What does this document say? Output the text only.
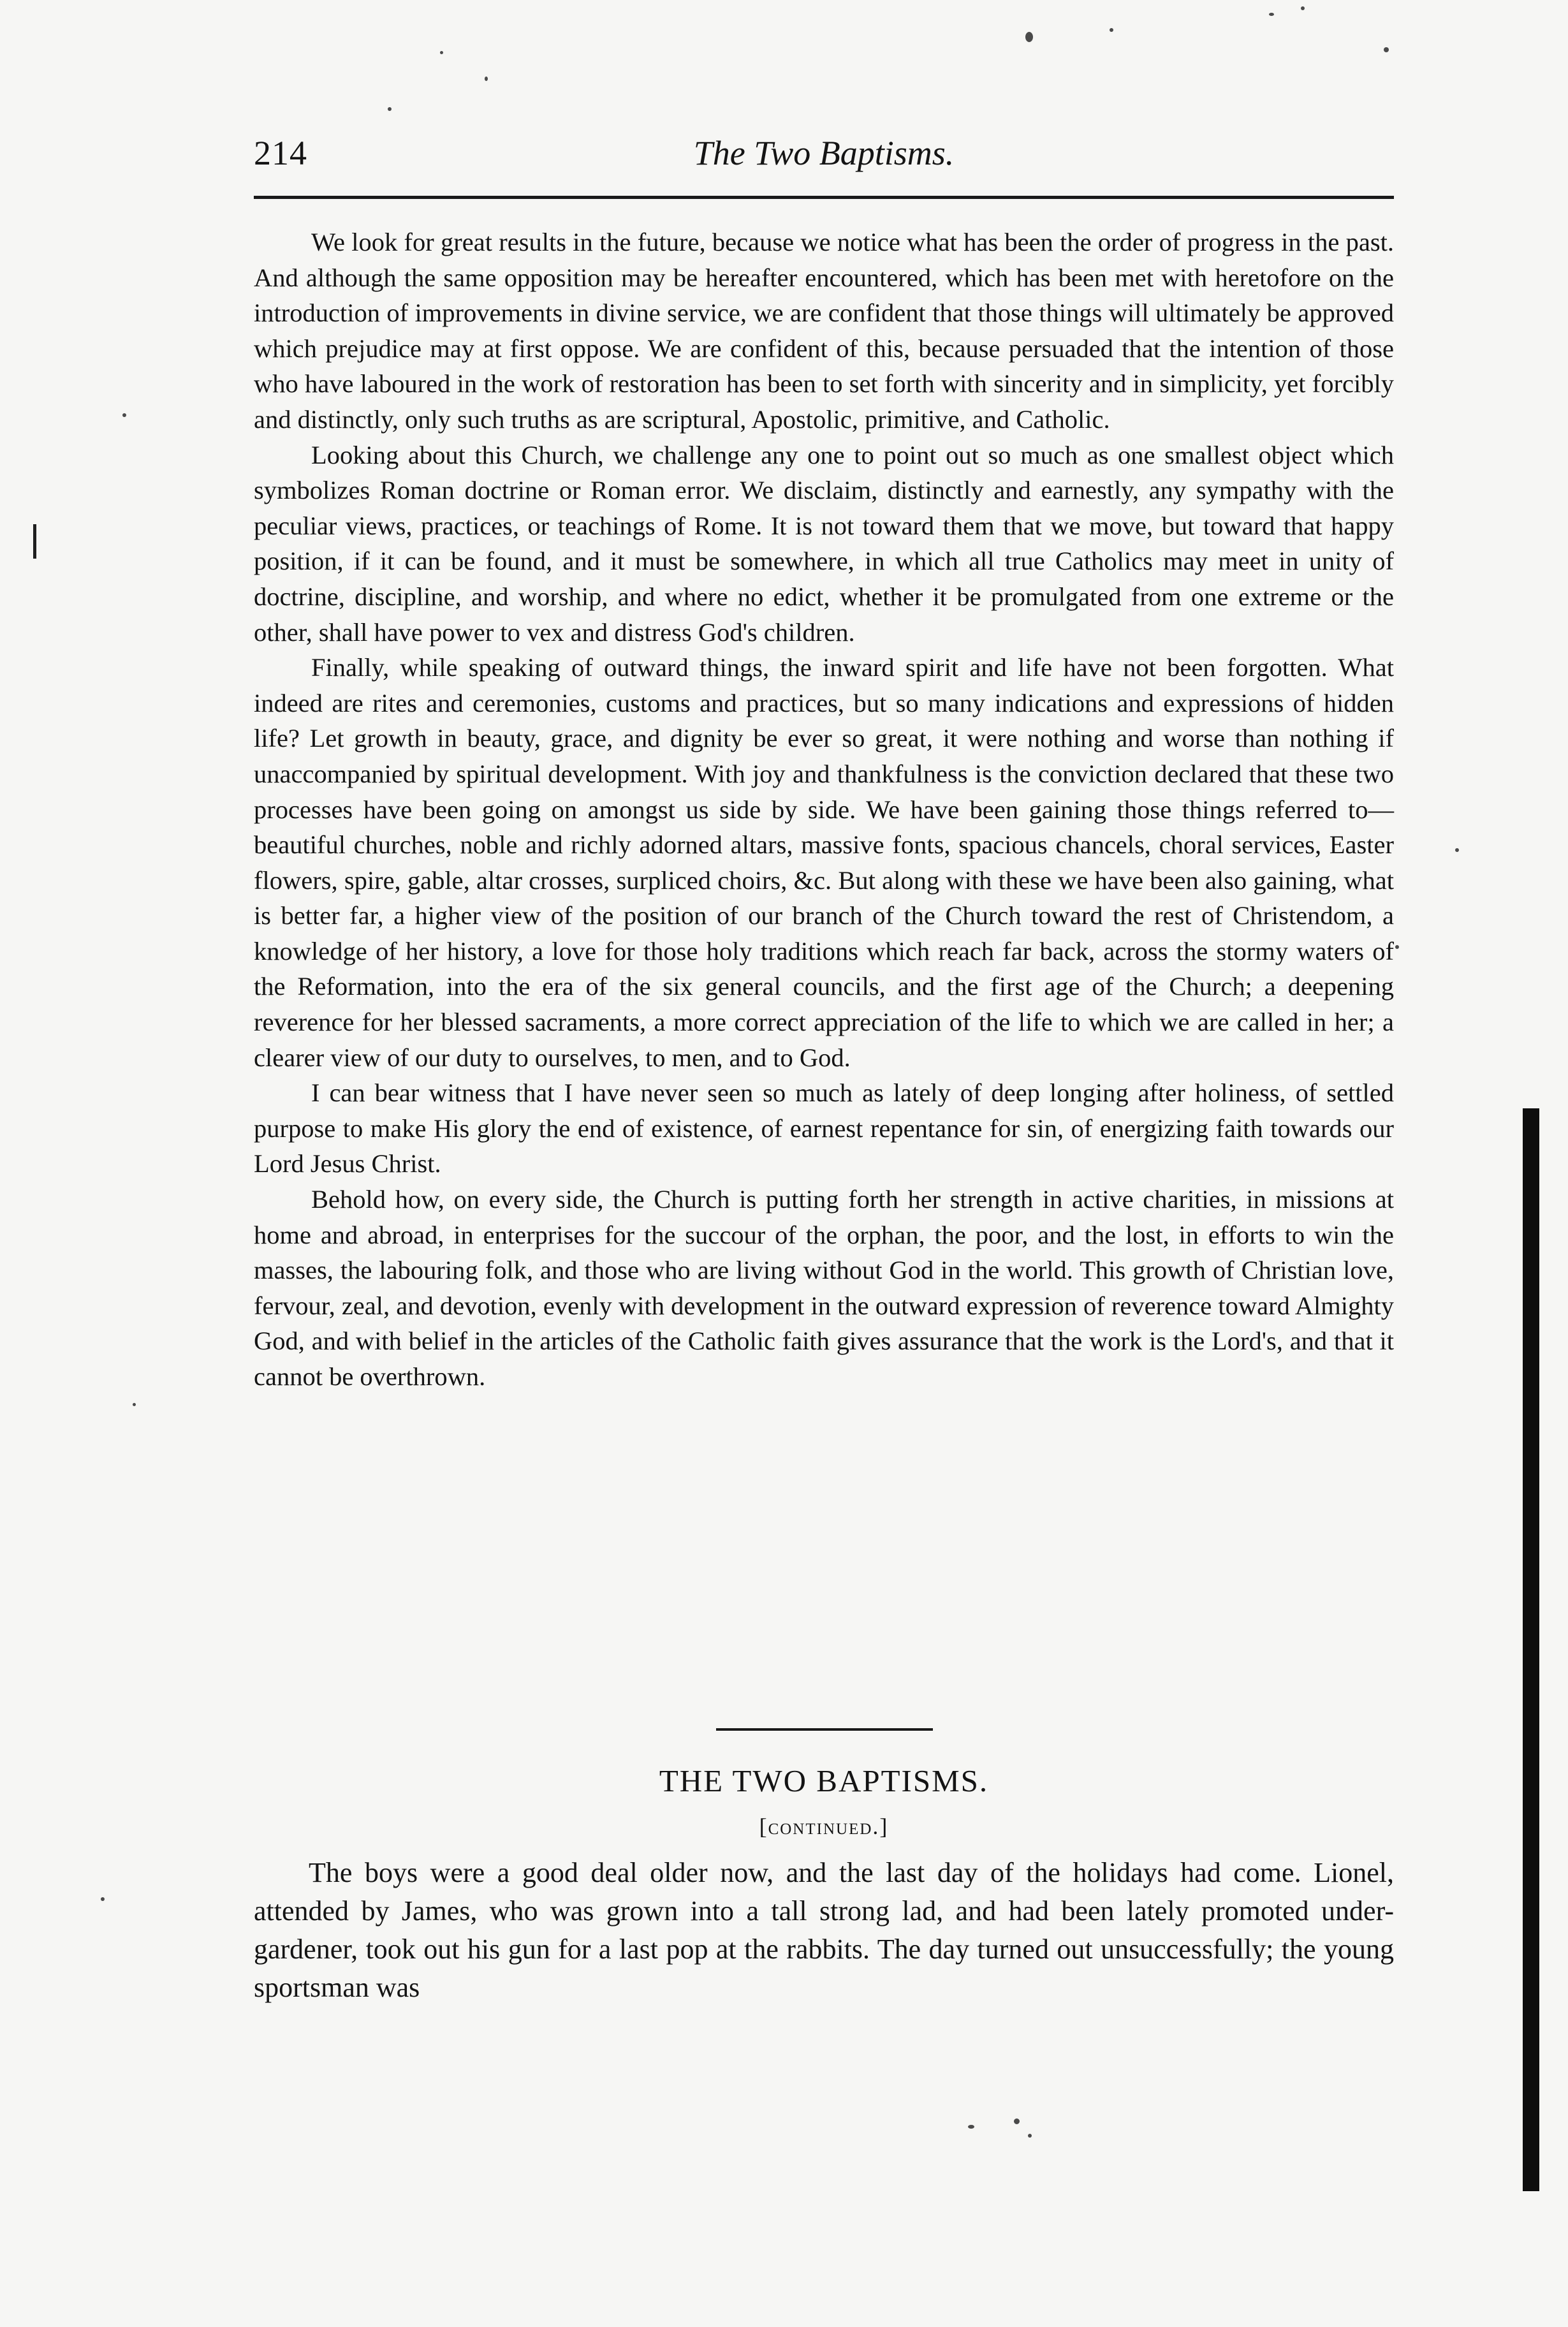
214	The Two Baptisms.

We look for great results in the future, because we notice what has been the order of progress in the past. And although the same opposition may be hereafter encountered, which has been met with heretofore on the introduction of improvements in divine service, we are confident that those things will ultimately be approved which prejudice may at first oppose. We are confident of this, because persuaded that the intention of those who have laboured in the work of restoration has been to set forth with sincerity and in simplicity, yet forcibly and distinctly, only such truths as are scriptural, Apostolic, primitive, and Catholic.

Looking about this Church, we challenge any one to point out so much as one smallest object which symbolizes Roman doctrine or Roman error. We disclaim, distinctly and earnestly, any sympathy with the peculiar views, practices, or teachings of Rome. It is not toward them that we move, but toward that happy position, if it can be found, and it must be somewhere, in which all true Catholics may meet in unity of doctrine, discipline, and worship, and where no edict, whether it be promulgated from one extreme or the other, shall have power to vex and distress God's children.

Finally, while speaking of outward things, the inward spirit and life have not been forgotten. What indeed are rites and ceremonies, customs and practices, but so many indications and expressions of hidden life? Let growth in beauty, grace, and dignity be ever so great, it were nothing and worse than nothing if unaccompanied by spiritual development. With joy and thankfulness is the conviction declared that these two processes have been going on amongst us side by side. We have been gaining those things referred to—beautiful churches, noble and richly adorned altars, massive fonts, spacious chancels, choral services, Easter flowers, spire, gable, altar crosses, surpliced choirs, &c. But along with these we have been also gaining, what is better far, a higher view of the position of our branch of the Church toward the rest of Christendom, a knowledge of her history, a love for those holy traditions which reach far back, across the stormy waters of the Reformation, into the era of the six general councils, and the first age of the Church; a deepening reverence for her blessed sacraments, a more correct appreciation of the life to which we are called in her; a clearer view of our duty to ourselves, to men, and to God.

I can bear witness that I have never seen so much as lately of deep longing after holiness, of settled purpose to make His glory the end of existence, of earnest repentance for sin, of energizing faith towards our Lord Jesus Christ.

Behold how, on every side, the Church is putting forth her strength in active charities, in missions at home and abroad, in enterprises for the succour of the orphan, the poor, and the lost, in efforts to win the masses, the labouring folk, and those who are living without God in the world. This growth of Christian love, fervour, zeal, and devotion, evenly with development in the outward expression of reverence toward Almighty God, and with belief in the articles of the Catholic faith gives assurance that the work is the Lord's, and that it cannot be overthrown.

THE TWO BAPTISMS.
[continued.]

The boys were a good deal older now, and the last day of the holidays had come. Lionel, attended by James, who was grown into a tall strong lad, and had been lately promoted under-gardener, took out his gun for a last pop at the rabbits. The day turned out unsuccessfully; the young sportsman was
